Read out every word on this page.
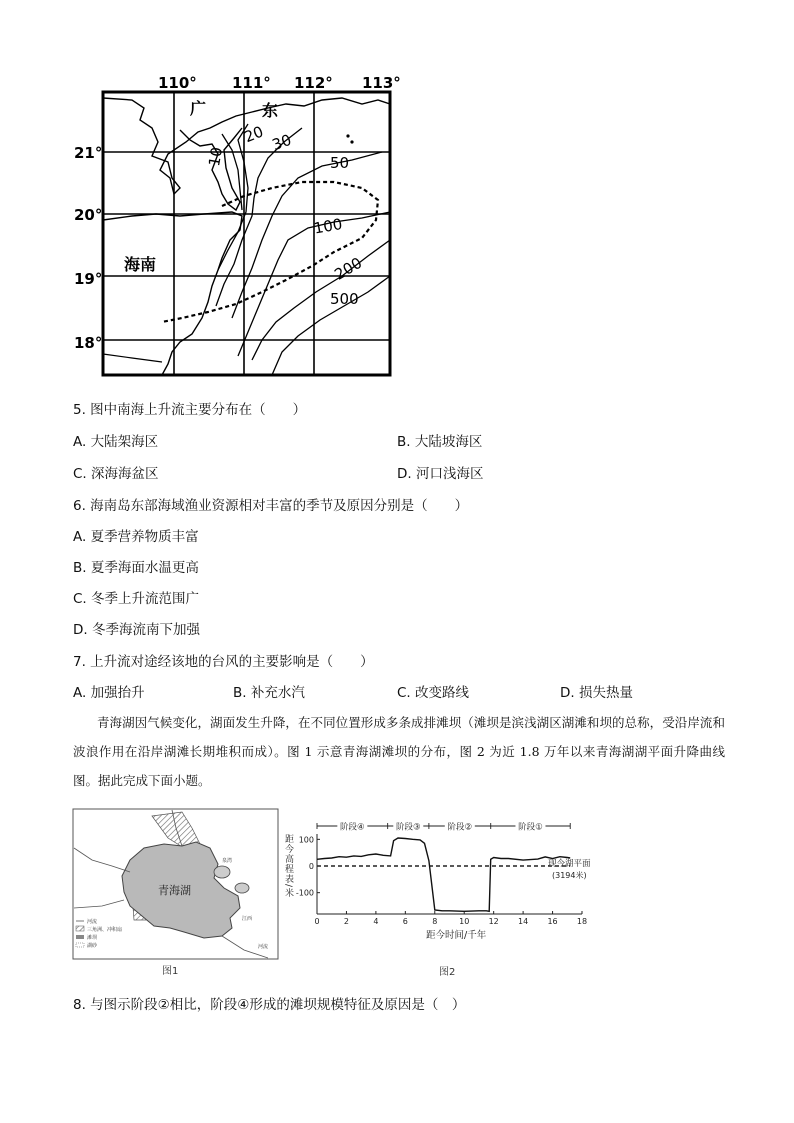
110° 111° 112° 113°
21°
20°
19°
18°
广	东
海南
10
20 30
50
100
200
500
5. 图中南海上升流主要分布在（　　）
A. 大陆架海区	B. 大陆坡海区
C. 深海海盆区	D. 河口浅海区
6. 海南岛东部海域渔业资源相对丰富的季节及原因分别是（　　）
A. 夏季营养物质丰富
B. 夏季海面水温更高
C. 冬季上升流范围广
D. 冬季海流南下加强
7. 上升流对途经该地的台风的主要影响是（　　）
A. 加强抬升	B. 补充水汽	C. 改变路线	D. 损失热量
青海湖因气候变化，湖面发生升降，在不同位置形成多条成排滩坝（滩坝是滨浅湖区湖滩和坝的总称，受沿岸流和波浪作用在沿岸湖滩长期堆积而成）。图 1 示意青海湖滩坝的分布，图 2 为近 1.8 万年以来青海湖湖平面升降曲线图。据此完成下面小题。
青海湖
泉湾
江西
河流
河流
三角洲、冲积扇
滩坝
湖砂
图1
距今高程表/米
0	2	4	6	8	10 12 14 16 18
100
0
-100
阶段④	阶段③	阶段②	阶段①
现今湖平面
(3194米)
距今时间/千年
图2
8. 与图示阶段②相比，阶段④形成的滩坝规模特征及原因是（　）
